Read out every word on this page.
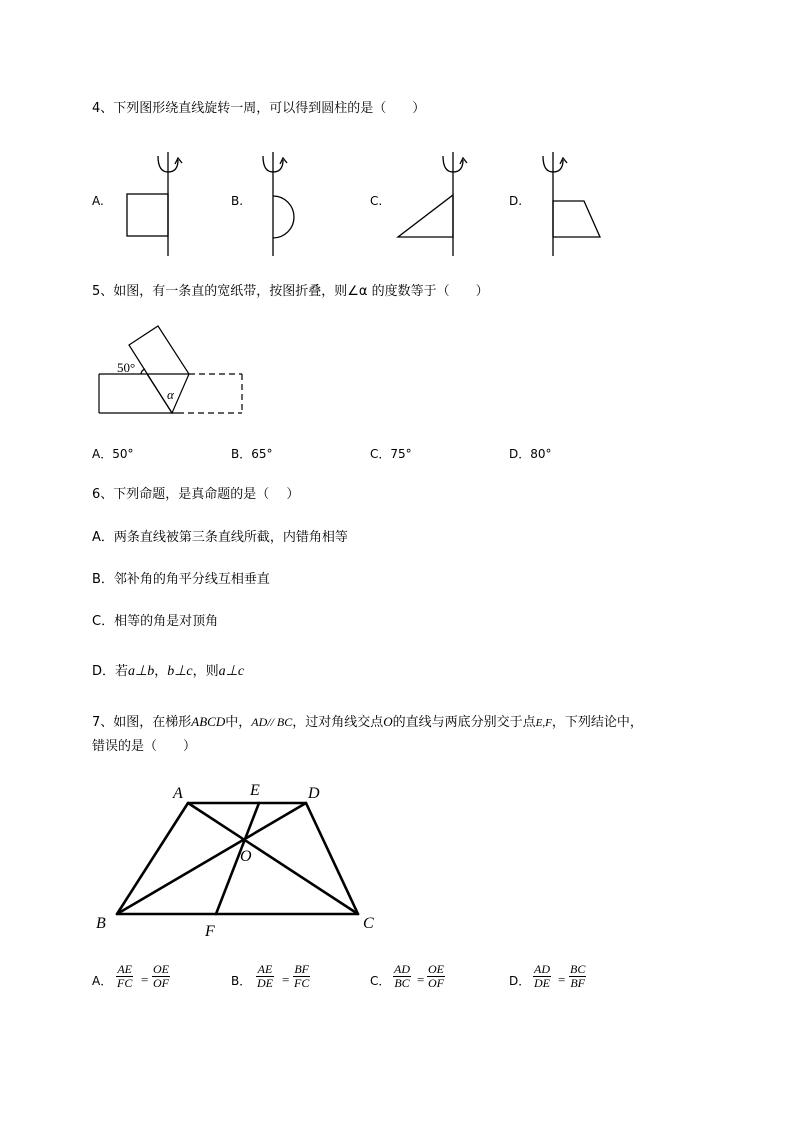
4、下列图形绕直线旋转一周，可以得到圆柱的是（　　）
A.	B.	C.	D.
5、如图，有一条直的宽纸带，按图折叠，则∠α 的度数等于（　　）
50°
α
A．50°	B．65°	C．75°	D．80°
6、下列命题，是真命题的是（　 ）
A．两条直线被第三条直线所截，内错角相等
B．邻补角的角平分线互相垂直
C．相等的角是对顶角
D．若a⊥b，b⊥c，则a⊥c
7、如图，在梯形ABCD中，AD// BC，过对角线交点O的直线与两底分别交于点E,F，下列结论中，
错误的是（　　）
A	E	D
O
B	F	C
A． $\frac{AE}{FC} = \frac{OE}{OF}$	B． $\frac{AE}{DE} = \frac{BF}{FC}$	C． $\frac{AD}{BC} = \frac{OE}{OF}$	D． $\frac{AD}{DE} = \frac{BC}{BF}$
